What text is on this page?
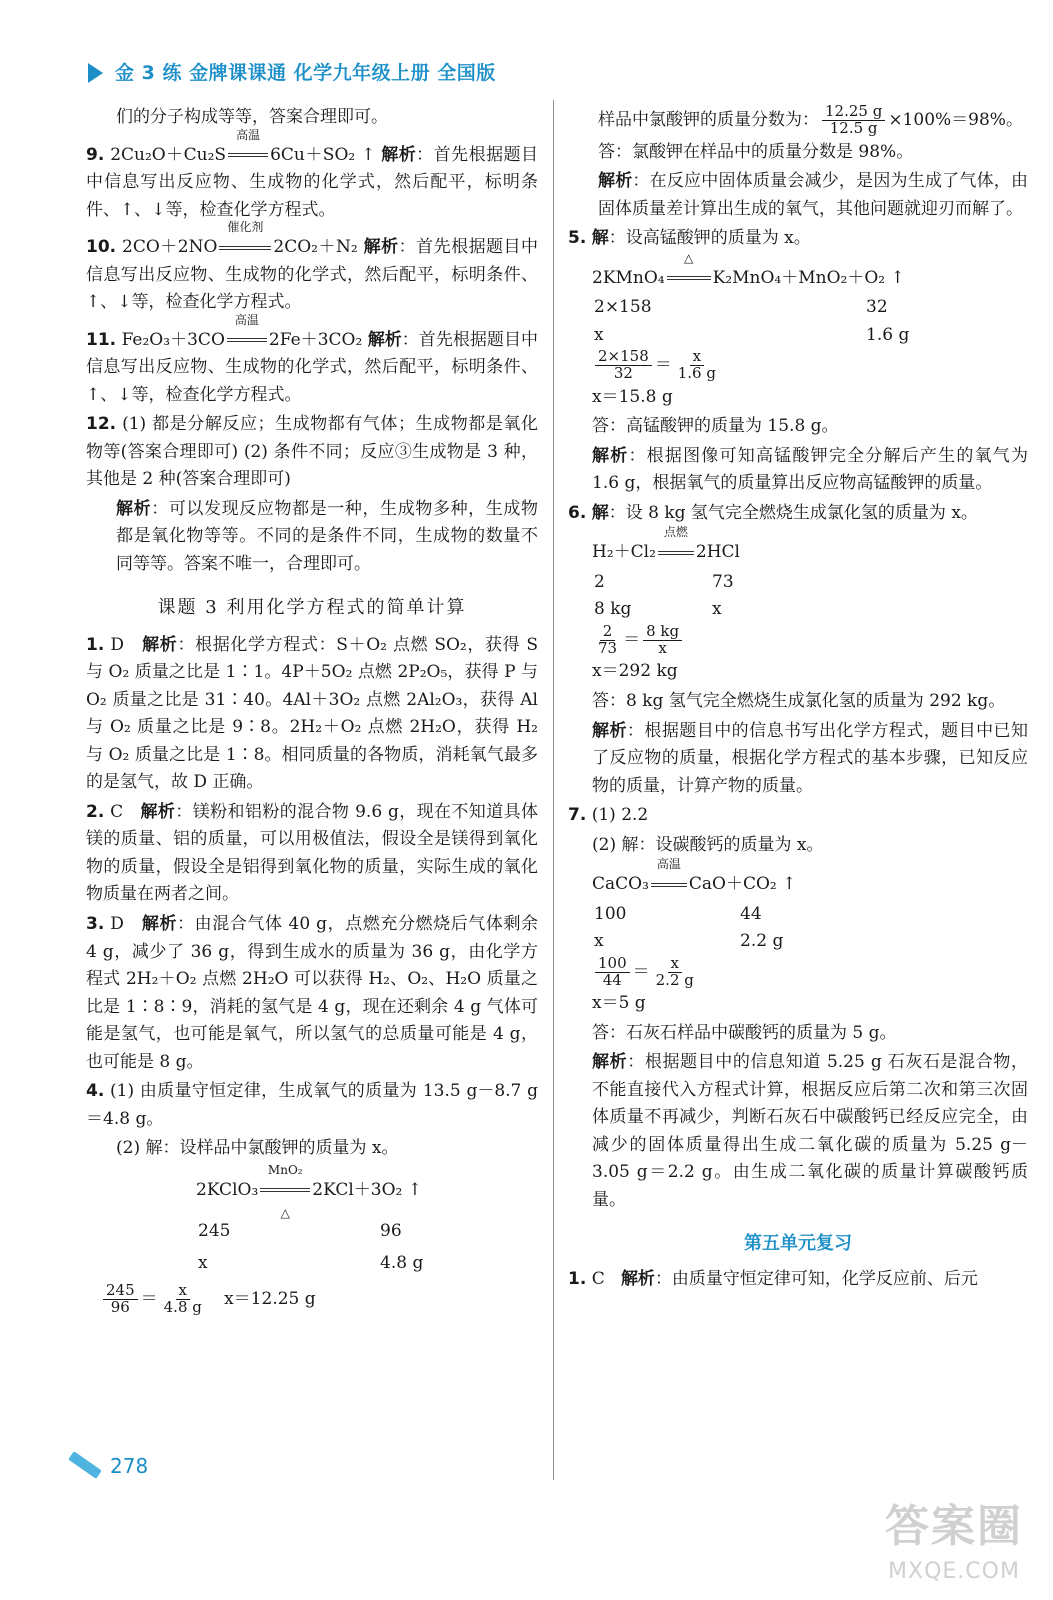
金 3 练 金牌课课通 化学九年级上册 全国版

们的分子构成等等，答案合理即可。

9. 2Cu₂O＋Cu₂S
高温
6Cu＋SO₂ ↑ 解析：首先根据题目中信息写出反应物、生成物的化学式，然后配平，标明条件、↑、↓等，检查化学方程式。

10. 2CO＋2NO
催化剂
2CO₂＋N₂ 解析：首先根据题目中信息写出反应物、生成物的化学式，然后配平，标明条件、↑、↓等，检查化学方程式。

11. Fe₂O₃＋3CO
高温
2Fe＋3CO₂ 解析：首先根据题目中信息写出反应物、生成物的化学式，然后配平，标明条件、↑、↓等，检查化学方程式。

12. (1) 都是分解反应；生成物都有气体；生成物都是氧化物等(答案合理即可) (2) 条件不同；反应③生成物是 3 种，其他是 2 种(答案合理即可)

解析：可以发现反应物都是一种，生成物多种，生成物都是氧化物等等。不同的是条件不同，生成物的数量不同等等。答案不唯一，合理即可。

课题 3 利用化学方程式的简单计算

1. D 解析：根据化学方程式：S＋O₂ 点燃 SO₂，获得 S 与 O₂ 质量之比是 1∶1。4P＋5O₂ 点燃 2P₂O₅，获得 P 与 O₂ 质量之比是 31∶40。4Al＋3O₂ 点燃 2Al₂O₃，获得 Al 与 O₂ 质量之比是 9∶8。2H₂＋O₂ 点燃 2H₂O，获得 H₂ 与 O₂ 质量之比是 1∶8。相同质量的各物质，消耗氧气最多的是氢气，故 D 正确。

2. C 解析：镁粉和铝粉的混合物 9.6 g，现在不知道具体镁的质量、铝的质量，可以用极值法，假设全是镁得到氧化物的质量，假设全是铝得到氧化物的质量，实际生成的氧化物质量在两者之间。

3. D 解析：由混合气体 40 g，点燃充分燃烧后气体剩余 4 g，减少了 36 g，得到生成水的质量为 36 g，由化学方程式 2H₂＋O₂ 点燃 2H₂O 可以获得 H₂、O₂、H₂O 质量之比是 1∶8∶9，消耗的氢气是 4 g，现在还剩余 4 g 气体可能是氢气，也可能是氧气，所以氢气的总质量可能是 4 g，也可能是 8 g。

4. (1) 由质量守恒定律，生成氧气的质量为 13.5 g－8.7 g＝4.8 g。

(2) 解：设样品中氯酸钾的质量为 x。

2KClO₃
MnO₂
△
2KCl＋3O₂ ↑

245	96
x	4.8 g

$\frac{245}{96} = \frac{x}{4.8 g} x=12.25$ g

样品中氯酸钾的质量分数为： $\frac{12.25 g}{12.5 g} \times 100\%=98\%$。

答：氯酸钾在样品中的质量分数是 98%。

解析：在反应中固体质量会减少，是因为生成了气体，由固体质量差计算出生成的氧气，其他问题就迎刃而解了。

5. 解：设高锰酸钾的质量为 x。

2KMnO₄
△
K₂MnO₄＋MnO₂＋O₂ ↑

2×158	32
x	1.6 g

$\frac{2\times 158}{32} = \frac{x}{1.6 g}$

x＝15.8 g

答：高锰酸钾的质量为 15.8 g。

解析：根据图像可知高锰酸钾完全分解后产生的氧气为 1.6 g，根据氧气的质量算出反应物高锰酸钾的质量。

6. 解：设 8 kg 氢气完全燃烧生成氯化氢的质量为 x。

H₂＋Cl₂
点燃
2HCl

2	73
8 kg	x

$\frac{2}{73} = \frac{8 kg}{x}$

x＝292 kg

答：8 kg 氢气完全燃烧生成氯化氢的质量为 292 kg。

解析：根据题目中的信息书写出化学方程式，题目中已知了反应物的质量，根据化学方程式的基本步骤，已知反应物的质量，计算产物的质量。

7. (1) 2.2

(2) 解：设碳酸钙的质量为 x。

CaCO₃
高温
CaO＋CO₂ ↑

100	44
x	2.2 g

$\frac{100}{44} = \frac{x}{2.2 g}$

x＝5 g

答：石灰石样品中碳酸钙的质量为 5 g。

解析：根据题目中的信息知道 5.25 g 石灰石是混合物，不能直接代入方程式计算，根据反应后第二次和第三次固体质量不再减少，判断石灰石中碳酸钙已经反应完全，由减少的固体质量得出生成二氧化碳的质量为 5.25 g－3.05 g＝2.2 g。由生成二氧化碳的质量计算碳酸钙质量。

第五单元复习

1. C 解析：由质量守恒定律可知，化学反应前、后元

278
答案圈
MXQE.COM
